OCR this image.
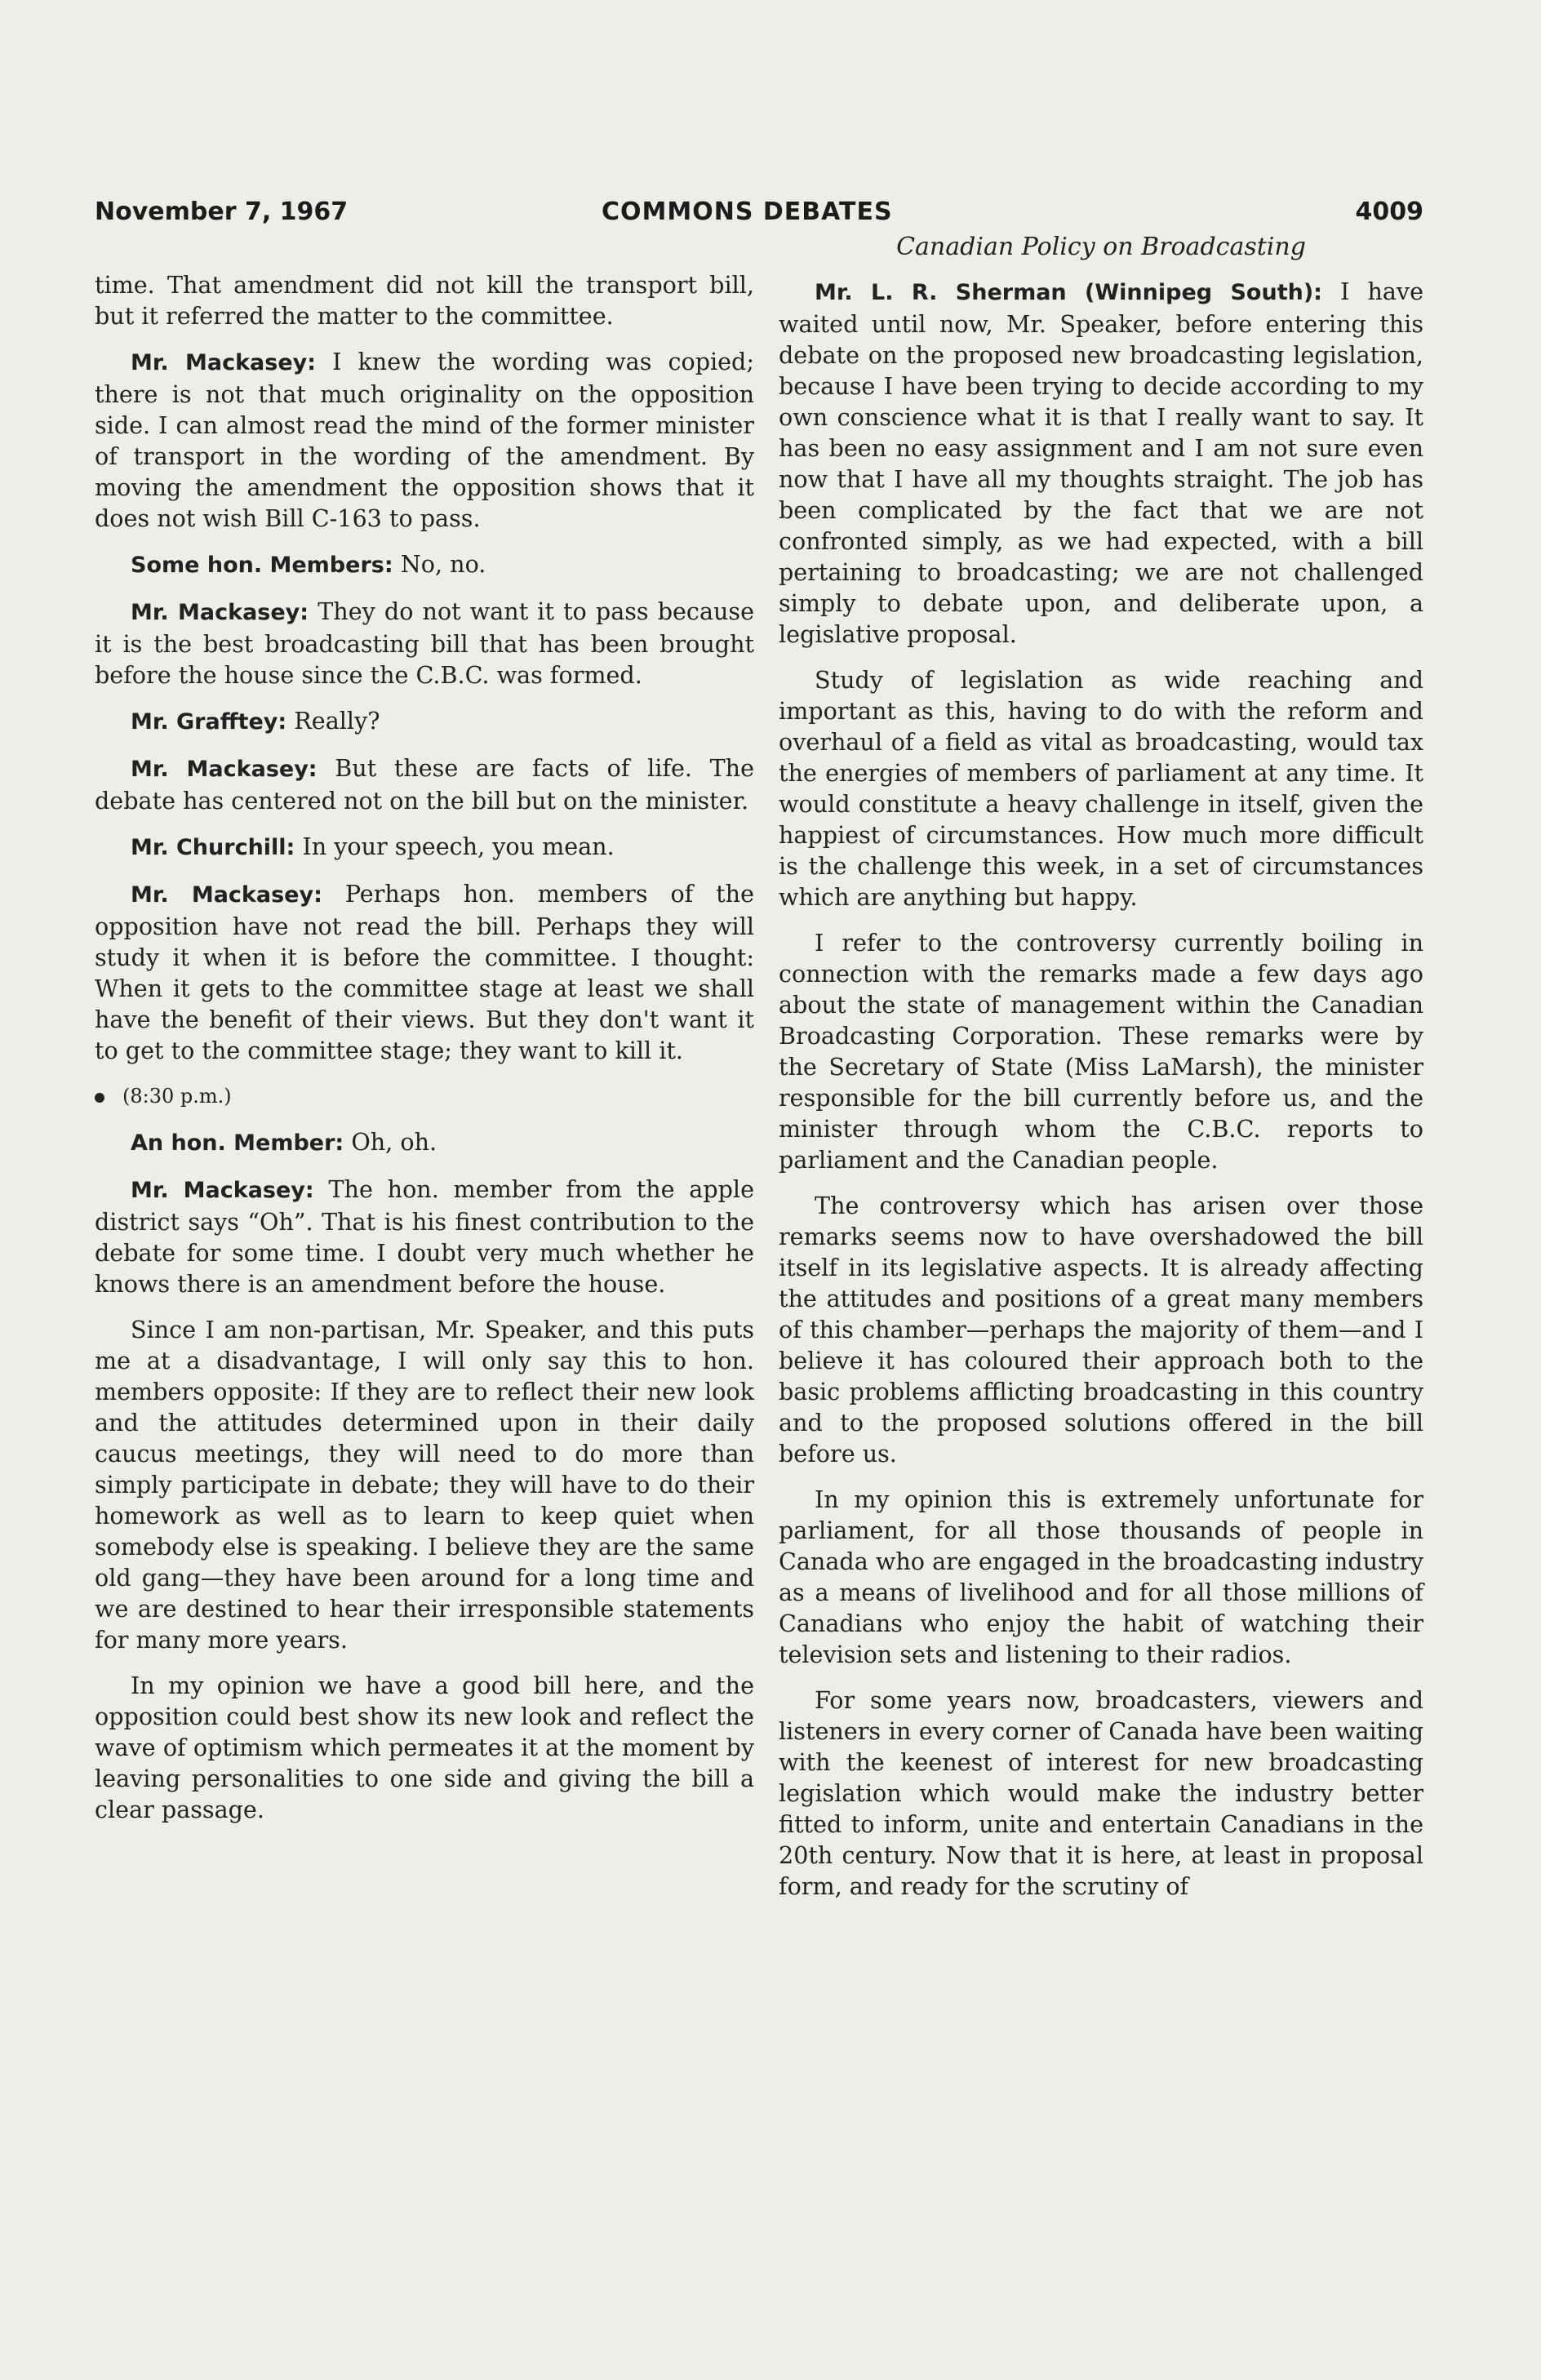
November 7, 1967	COMMONS DEBATES	4009

time. That amendment did not kill the transport bill, but it referred the matter to the committee.

Mr. Mackasey: I knew the wording was copied; there is not that much originality on the opposition side. I can almost read the mind of the former minister of transport in the wording of the amendment. By moving the amendment the opposition shows that it does not wish Bill C-163 to pass.

Some hon. Members: No, no.

Mr. Mackasey: They do not want it to pass because it is the best broadcasting bill that has been brought before the house since the C.B.C. was formed.

Mr. Grafftey: Really?

Mr. Mackasey: But these are facts of life. The debate has centered not on the bill but on the minister.

Mr. Churchill: In your speech, you mean.

Mr. Mackasey: Perhaps hon. members of the opposition have not read the bill. Perhaps they will study it when it is before the committee. I thought: When it gets to the committee stage at least we shall have the benefit of their views. But they don't want it to get to the committee stage; they want to kill it.

(8:30 p.m.)

An hon. Member: Oh, oh.

Mr. Mackasey: The hon. member from the apple district says “Oh”. That is his finest contribution to the debate for some time. I doubt very much whether he knows there is an amendment before the house.

Since I am non-partisan, Mr. Speaker, and this puts me at a disadvantage, I will only say this to hon. members opposite: If they are to reflect their new look and the attitudes determined upon in their daily caucus meetings, they will need to do more than simply participate in debate; they will have to do their homework as well as to learn to keep quiet when somebody else is speaking. I believe they are the same old gang—they have been around for a long time and we are destined to hear their irresponsible statements for many more years.

In my opinion we have a good bill here, and the opposition could best show its new look and reflect the wave of optimism which permeates it at the moment by leaving personalities to one side and giving the bill a clear passage.

Canadian Policy on Broadcasting

Mr. L. R. Sherman (Winnipeg South): I have waited until now, Mr. Speaker, before entering this debate on the proposed new broadcasting legislation, because I have been trying to decide according to my own conscience what it is that I really want to say. It has been no easy assignment and I am not sure even now that I have all my thoughts straight. The job has been complicated by the fact that we are not confronted simply, as we had expected, with a bill pertaining to broadcasting; we are not challenged simply to debate upon, and deliberate upon, a legislative proposal.

Study of legislation as wide reaching and important as this, having to do with the reform and overhaul of a field as vital as broadcasting, would tax the energies of members of parliament at any time. It would constitute a heavy challenge in itself, given the happiest of circumstances. How much more difficult is the challenge this week, in a set of circumstances which are anything but happy.

I refer to the controversy currently boiling in connection with the remarks made a few days ago about the state of management within the Canadian Broadcasting Corporation. These remarks were by the Secretary of State (Miss LaMarsh), the minister responsible for the bill currently before us, and the minister through whom the C.B.C. reports to parliament and the Canadian people.

The controversy which has arisen over those remarks seems now to have overshadowed the bill itself in its legislative aspects. It is already affecting the attitudes and positions of a great many members of this chamber—perhaps the majority of them—and I believe it has coloured their approach both to the basic problems afflicting broadcasting in this country and to the proposed solutions offered in the bill before us.

In my opinion this is extremely unfortunate for parliament, for all those thousands of people in Canada who are engaged in the broadcasting industry as a means of livelihood and for all those millions of Canadians who enjoy the habit of watching their television sets and listening to their radios.

For some years now, broadcasters, viewers and listeners in every corner of Canada have been waiting with the keenest of interest for new broadcasting legislation which would make the industry better fitted to inform, unite and entertain Canadians in the 20th century. Now that it is here, at least in proposal form, and ready for the scrutiny of
